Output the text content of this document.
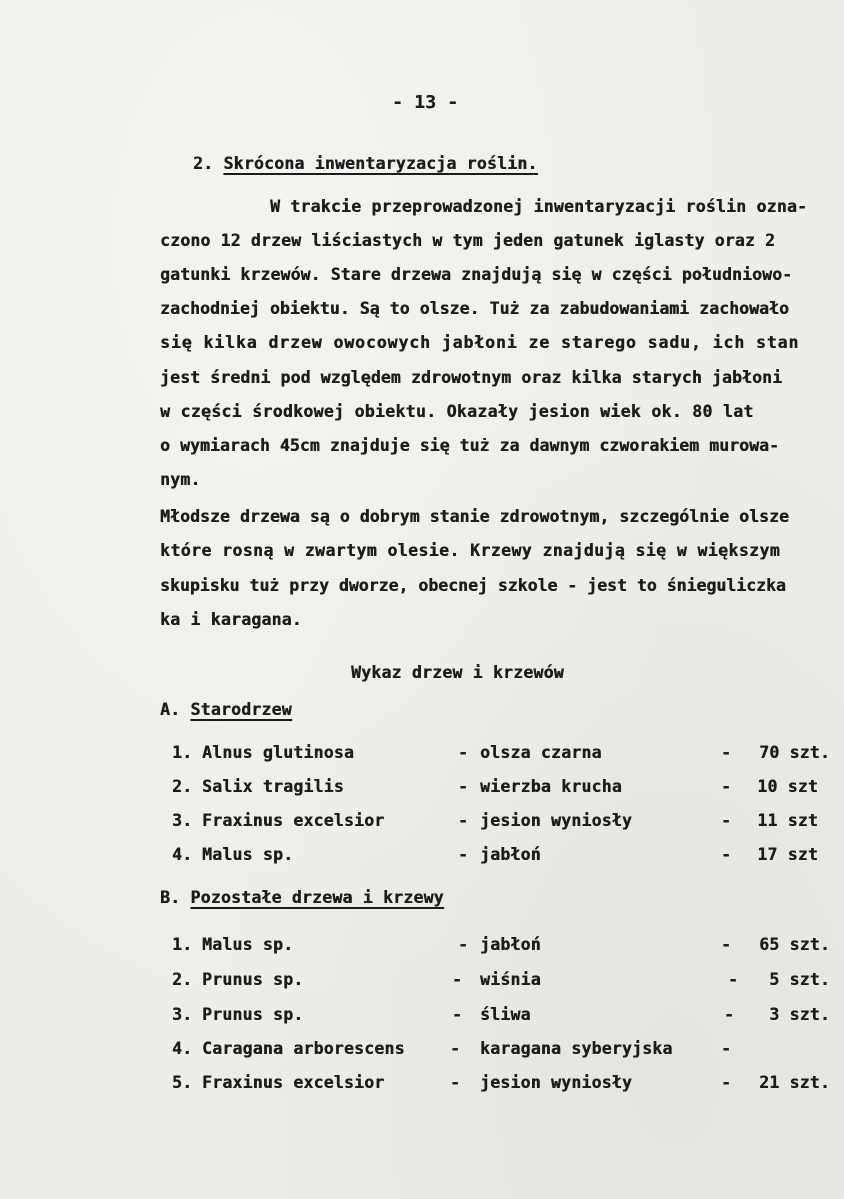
- 13 -
2. Skrócona inwentaryzacja roślin.
W trakcie przeprowadzonej inwentaryzacji roślin ozna-
czono 12 drzew liściastych w tym jeden gatunek iglasty oraz 2
gatunki krzewów. Stare drzewa znajdują się w części południowo-
zachodniej obiektu. Są to olsze. Tuż za zabudowaniami zachowało
się kilka drzew owocowych jabłoni ze starego sadu, ich stan
jest średni pod względem zdrowotnym oraz kilka starych jabłoni
w części środkowej obiektu. Okazały jesion wiek ok. 80 lat
o wymiarach 45cm znajduje się tuż za dawnym czworakiem murowa-
nym.
Młodsze drzewa są o dobrym stanie zdrowotnym, szczególnie olsze
które rosną w zwartym olesie. Krzewy znajdują się w większym
skupisku tuż przy dworze, obecnej szkole - jest to śnieguliczka
ka i karagana.
Wykaz drzew i krzewów
A. Starodrzew
1. Alnus glutinosa	- olsza czarna	- 70 szt.
2. Salix tragilis	- wierzba krucha	- 10 szt
3. Fraxinus excelsior	- jesion wyniosły	- 11 szt
4. Malus sp.	- jabłoń	- 17 szt
B. Pozostałe drzewa i krzewy
1. Malus sp.	- jabłoń	- 65 szt.
2. Prunus sp.	- wiśnia	- 5 szt.
3. Prunus sp.	- śliwa	- 3 szt.
4. Caragana arborescens	- karagana syberyjska	-
5. Fraxinus excelsior	- jesion wyniosły	- 21 szt.
